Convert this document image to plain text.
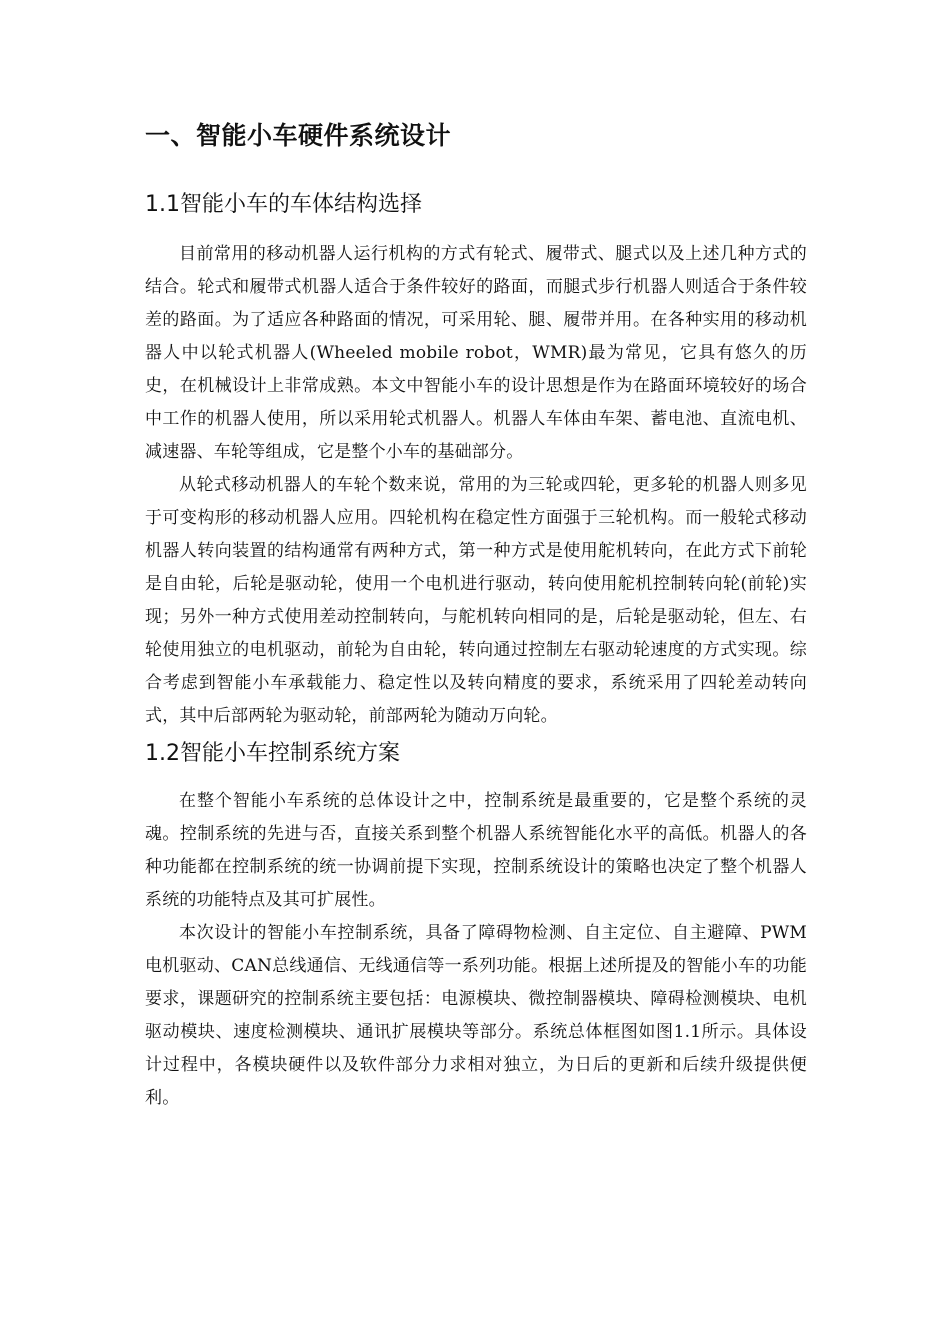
一、智能小车硬件系统设计
1.1智能小车的车体结构选择

目前常用的移动机器人运行机构的方式有轮式、履带式、腿式以及上述几种方式的结合。轮式和履带式机器人适合于条件较好的路面，而腿式步行机器人则适合于条件较差的路面。为了适应各种路面的情况，可采用轮、腿、履带并用。在各种实用的移动机器人中以轮式机器人(Wheeled mobile robot，WMR)最为常见，它具有悠久的历史，在机械设计上非常成熟。本文中智能小车的设计思想是作为在路面环境较好的场合中工作的机器人使用，所以采用轮式机器人。机器人车体由车架、蓄电池、直流电机、减速器、车轮等组成，它是整个小车的基础部分。

从轮式移动机器人的车轮个数来说，常用的为三轮或四轮，更多轮的机器人则多见于可变构形的移动机器人应用。四轮机构在稳定性方面强于三轮机构。而一般轮式移动机器人转向装置的结构通常有两种方式，第一种方式是使用舵机转向，在此方式下前轮是自由轮，后轮是驱动轮，使用一个电机进行驱动，转向使用舵机控制转向轮(前轮)实现；另外一种方式使用差动控制转向，与舵机转向相同的是，后轮是驱动轮，但左、右轮使用独立的电机驱动，前轮为自由轮，转向通过控制左右驱动轮速度的方式实现。综合考虑到智能小车承载能力、稳定性以及转向精度的要求，系统采用了四轮差动转向式，其中后部两轮为驱动轮，前部两轮为随动万向轮。

1.2智能小车控制系统方案

在整个智能小车系统的总体设计之中，控制系统是最重要的，它是整个系统的灵魂。控制系统的先进与否，直接关系到整个机器人系统智能化水平的高低。机器人的各种功能都在控制系统的统一协调前提下实现，控制系统设计的策略也决定了整个机器人系统的功能特点及其可扩展性。

本次设计的智能小车控制系统，具备了障碍物检测、自主定位、自主避障、PWM电机驱动、CAN总线通信、无线通信等一系列功能。根据上述所提及的智能小车的功能要求，课题研究的控制系统主要包括：电源模块、微控制器模块、障碍检测模块、电机驱动模块、速度检测模块、通讯扩展模块等部分。系统总体框图如图1.1所示。具体设计过程中，各模块硬件以及软件部分力求相对独立，为日后的更新和后续升级提供便利。
